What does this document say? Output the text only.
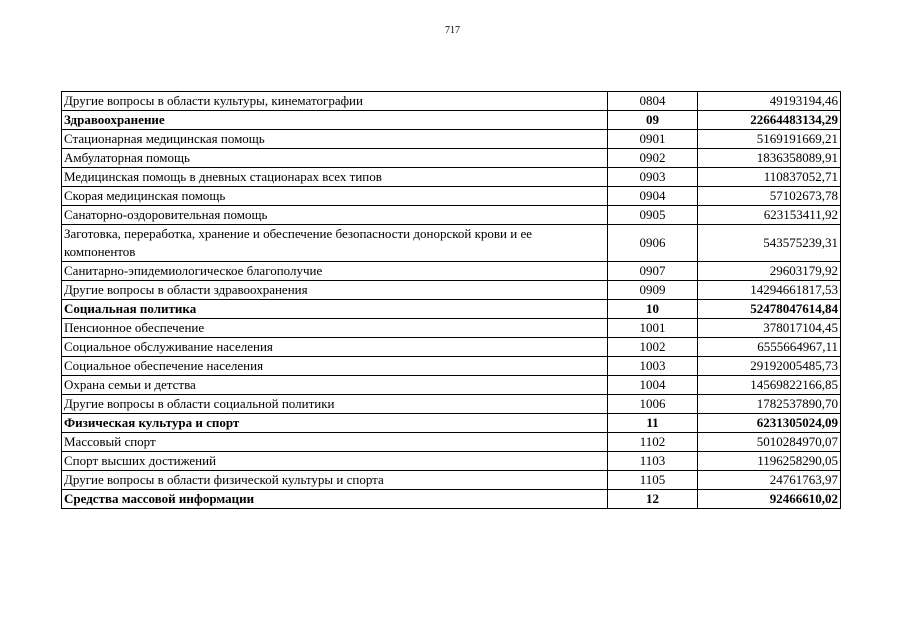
717
Другие вопросы в области культуры, кинематографии	0804	49193194,46
Здравоохранение	09	22664483134,29
Стационарная медицинская помощь	0901	5169191669,21
Амбулаторная помощь	0902	1836358089,91
Медицинская помощь в дневных стационарах всех типов	0903	110837052,71
Скорая медицинская помощь	0904	57102673,78
Санаторно-оздоровительная помощь	0905	623153411,92
Заготовка, переработка, хранение и обеспечение безопасности донорской крови и ее компонентов	0906	543575239,31
Санитарно-эпидемиологическое благополучие	0907	29603179,92
Другие вопросы в области здравоохранения	0909	14294661817,53
Социальная политика	10	52478047614,84
Пенсионное обеспечение	1001	378017104,45
Социальное обслуживание населения	1002	6555664967,11
Социальное обеспечение населения	1003	29192005485,73
Охрана семьи и детства	1004	14569822166,85
Другие вопросы в области социальной политики	1006	1782537890,70
Физическая культура и спорт	11	6231305024,09
Массовый спорт	1102	5010284970,07
Спорт высших достижений	1103	1196258290,05
Другие вопросы в области физической культуры и спорта	1105	24761763,97
Средства массовой информации	12	92466610,02
